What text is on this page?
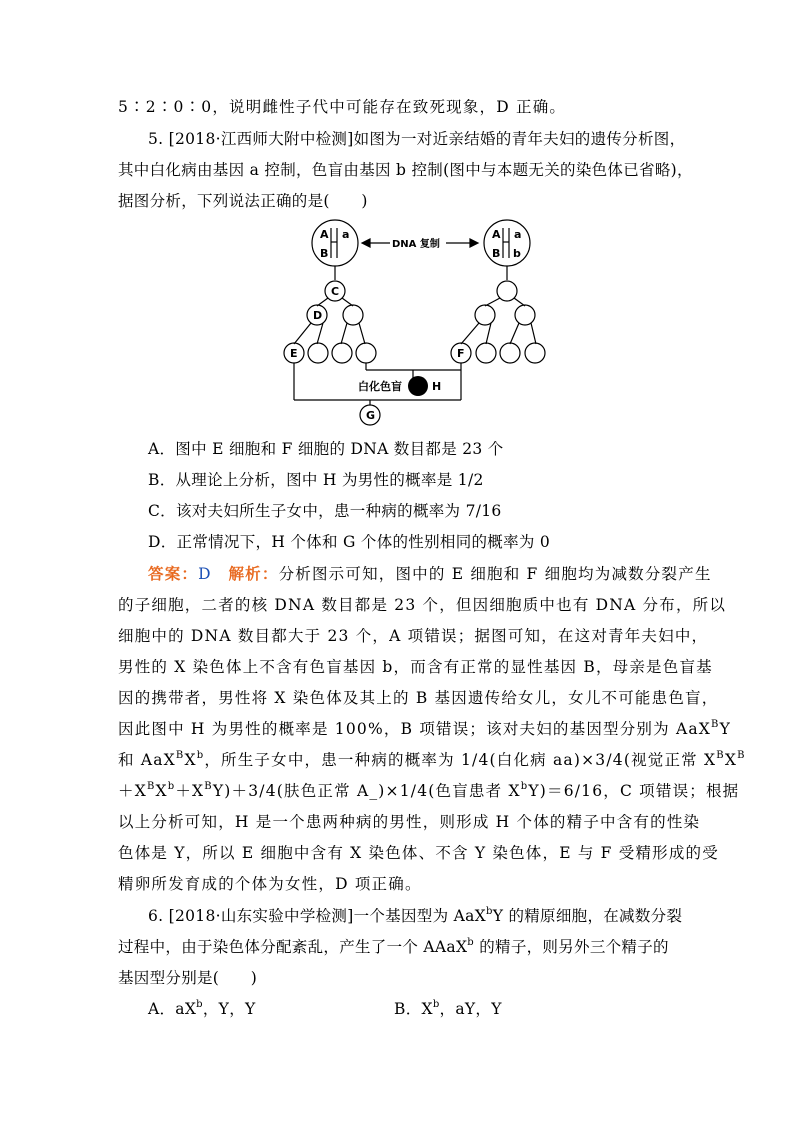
5∶2∶0∶0，说明雌性子代中可能存在致死现象，D 正确。
5. [2018·江西师大附中检测]如图为一对近亲结婚的青年夫妇的遗传分析图，
其中白化病由基因 a 控制，色盲由基因 b 控制(图中与本题无关的染色体已省略)，
据图分析，下列说法正确的是(　　)
A a
B
A a
B b
DNA 复制
C
D
E	F
H
G
白化色盲
A．图中 E 细胞和 F 细胞的 DNA 数目都是 23 个
B．从理论上分析，图中 H 为男性的概率是 1/2
C．该对夫妇所生子女中，患一种病的概率为 7/16
D．正常情况下，H 个体和 G 个体的性别相同的概率为 0
答案：D　 解析：分析图示可知，图中的 E 细胞和 F 细胞均为减数分裂产生
的子细胞，二者的核 DNA 数目都是 23 个，但因细胞质中也有 DNA 分布，所以
细胞中的 DNA 数目都大于 23 个，A 项错误；据图可知，在这对青年夫妇中，
男性的 X 染色体上不含有色盲基因 b，而含有正常的显性基因 B，母亲是色盲基
因的携带者，男性将 X 染色体及其上的 B 基因遗传给女儿，女儿不可能患色盲，
因此图中 H 为男性的概率是 100%，B 项错误；该对夫妇的基因型分别为 AaX$^B$Y
和 $AaX^BX^b$，所生子女中，患一种病的概率为 1/4(白化病 aa)×3/4(视觉正常 $X^BX^B$
$+X^BX^b+X^BY)+3/4$(肤色正常 A_)×1/4(色盲患者 $X^bY)=6/16$，C 项错误；根据
以上分析可知，H 是一个患两种病的男性，则形成 H 个体的精子中含有的性染
色体是 Y，所以 E 细胞中含有 X 染色体、不含 Y 染色体，E 与 F 受精形成的受
精卵所发育成的个体为女性，D 项正确。
6. [2018·山东实验中学检测]一个基因型为 AaX$^b$Y 的精原细胞，在减数分裂
过程中，由于染色体分配紊乱，产生了一个 AAaX$^b$ 的精子，则另外三个精子的
基因型分别是(　　)
A．$aX^b$，Y，Y	B．$X^b$，aY，Y
